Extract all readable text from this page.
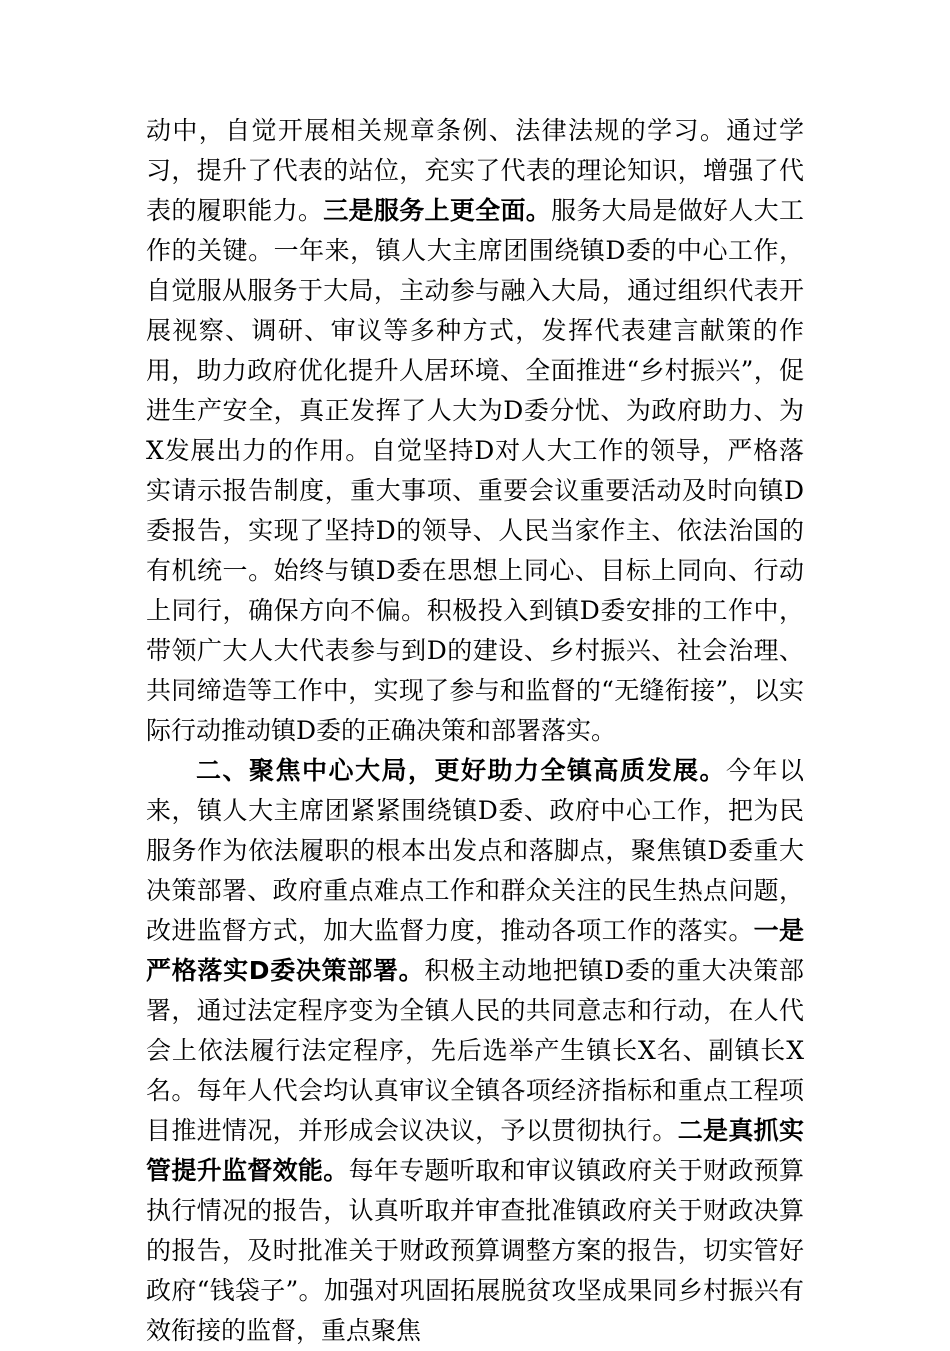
动中，自觉开展相关规章条例、法律法规的学习。通过学习，提升了代表的站位，充实了代表的理论知识，增强了代表的履职能力。三是服务上更全面。服务大局是做好人大工作的关键。一年来，镇人大主席团围绕镇D委的中心工作，自觉服从服务于大局，主动参与融入大局，通过组织代表开展视察、调研、审议等多种方式，发挥代表建言献策的作用，助力政府优化提升人居环境、全面推进“乡村振兴”，促进生产安全，真正发挥了人大为D委分忧、为政府助力、为X发展出力的作用。自觉坚持D对人大工作的领导，严格落实请示报告制度，重大事项、重要会议重要活动及时向镇D委报告，实现了坚持D的领导、人民当家作主、依法治国的有机统一。始终与镇D委在思想上同心、目标上同向、行动上同行，确保方向不偏。积极投入到镇D委安排的工作中，带领广大人大代表参与到D的建设、乡村振兴、社会治理、共同缔造等工作中，实现了参与和监督的“无缝衔接”，以实际行动推动镇D委的正确决策和部署落实。

二、聚焦中心大局，更好助力全镇高质发展。今年以来，镇人大主席团紧紧围绕镇D委、政府中心工作，把为民服务作为依法履职的根本出发点和落脚点，聚焦镇D委重大决策部署、政府重点难点工作和群众关注的民生热点问题，改进监督方式，加大监督力度，推动各项工作的落实。一是严格落实D委决策部署。积极主动地把镇D委的重大决策部署，通过法定程序变为全镇人民的共同意志和行动，在人代会上依法履行法定程序，先后选举产生镇长X名、副镇长X名。每年人代会均认真审议全镇各项经济指标和重点工程项目推进情况，并形成会议决议，予以贯彻执行。二是真抓实管提升监督效能。每年专题听取和审议镇政府关于财政预算执行情况的报告，认真听取并审查批准镇政府关于财政决算的报告，及时批准关于财政预算调整方案的报告，切实管好政府“钱袋子”。加强对巩固拓展脱贫攻坚成果同乡村振兴有效衔接的监督，重点聚焦
